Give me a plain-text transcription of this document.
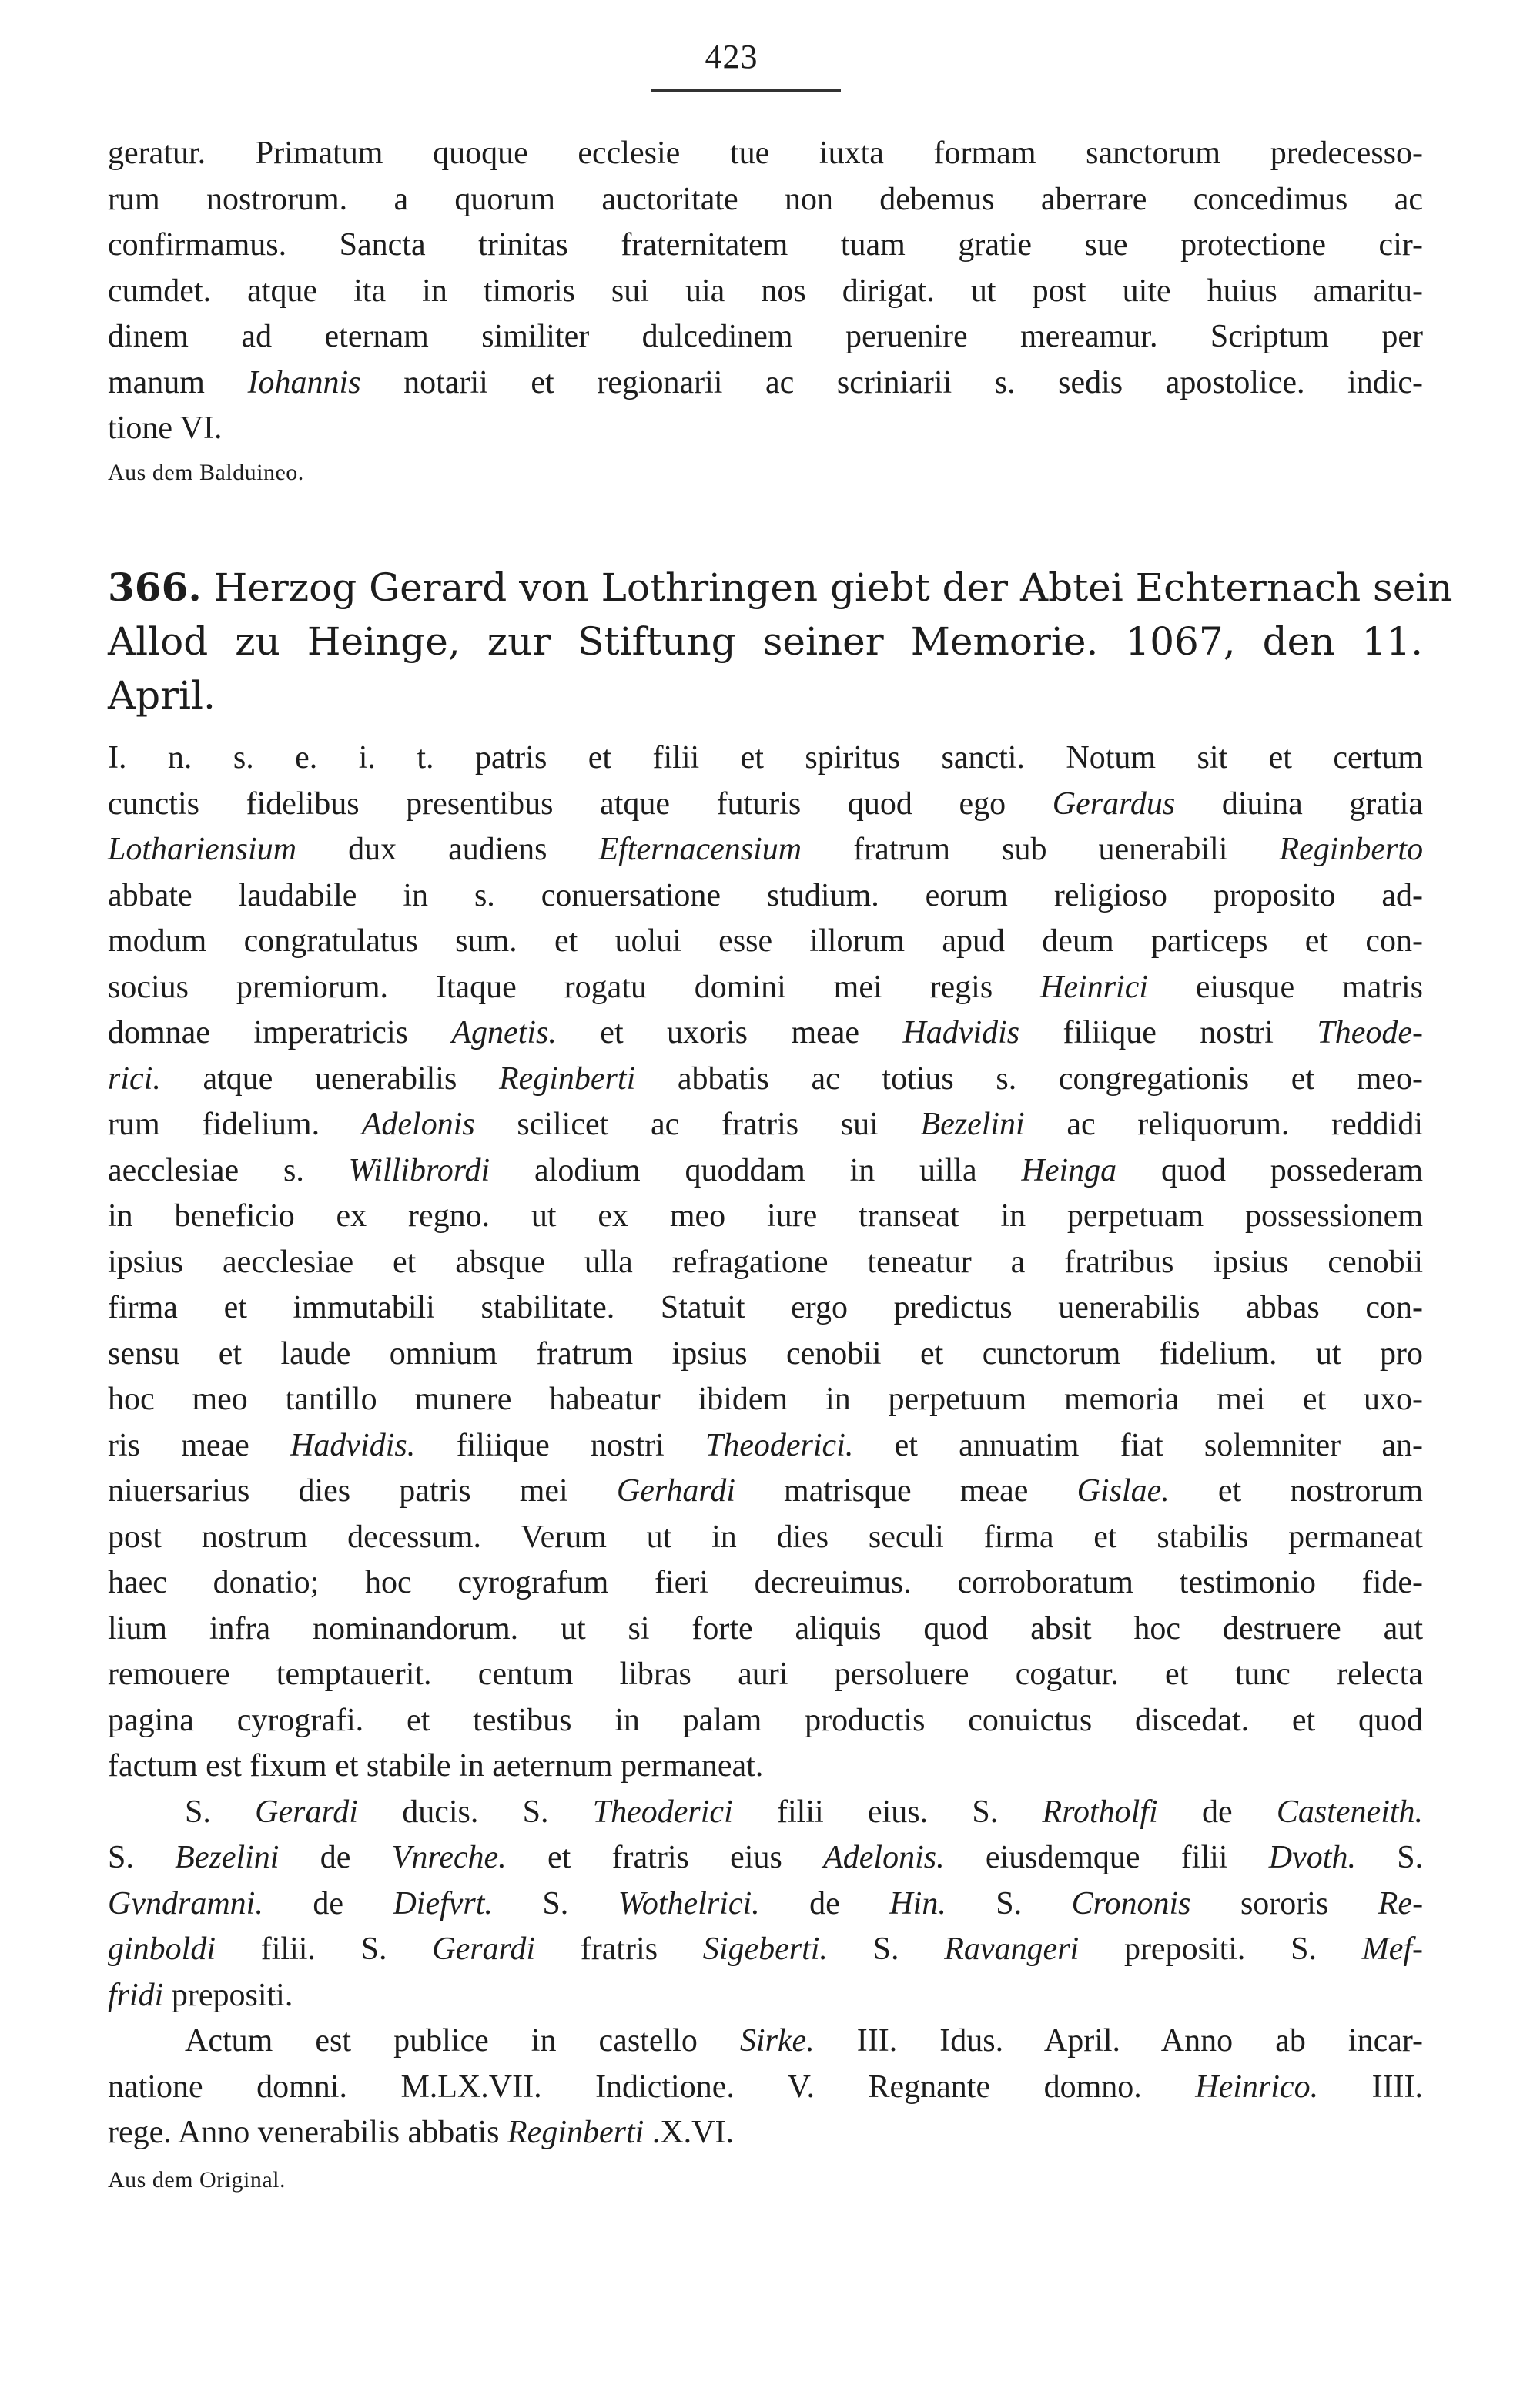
423

geratur. Primatum quoque ecclesie tue iuxta formam sanctorum predecesso-
rum nostrorum. a quorum auctoritate non debemus aberrare concedimus ac
confirmamus. Sancta trinitas fraternitatem tuam gratie sue protectione cir-
cumdet. atque ita in timoris sui uia nos dirigat. ut post uite huius amaritu-
dinem ad eternam similiter dulcedinem peruenire mereamur. Scriptum per
manum Iohannis notarii et regionarii ac scriniarii s. sedis apostolice. indic-
tione VI.

Aus dem Balduineo.

366. Herzog Gerard von Lothringen giebt der Abtei Echternach sein
Allod zu Heinge, zur Stiftung seiner Memorie. 1067, den 11.
April.

I. n. s. e. i. t. patris et filii et spiritus sancti. Notum sit et certum
cunctis fidelibus presentibus atque futuris quod ego Gerardus diuina gratia
Lothariensium dux audiens Efternacensium fratrum sub uenerabili Reginberto
abbate laudabile in s. conuersatione studium. eorum religioso proposito ad-
modum congratulatus sum. et uolui esse illorum apud deum particeps et con-
socius premiorum. Itaque rogatu domini mei regis Heinrici eiusque matris
domnae imperatricis Agnetis. et uxoris meae Hadvidis filiique nostri Theode-
rici. atque uenerabilis Reginberti abbatis ac totius s. congregationis et meo-
rum fidelium. Adelonis scilicet ac fratris sui Bezelini ac reliquorum. reddidi
aecclesiae s. Willibrordi alodium quoddam in uilla Heinga quod possederam
in beneficio ex regno. ut ex meo iure transeat in perpetuam possessionem
ipsius aecclesiae et absque ulla refragatione teneatur a fratribus ipsius cenobii
firma et immutabili stabilitate. Statuit ergo predictus uenerabilis abbas con-
sensu et laude omnium fratrum ipsius cenobii et cunctorum fidelium. ut pro
hoc meo tantillo munere habeatur ibidem in perpetuum memoria mei et uxo-
ris meae Hadvidis. filiique nostri Theoderici. et annuatim fiat solemniter an-
niuersarius dies patris mei Gerhardi matrisque meae Gislae. et nostrorum
post nostrum decessum. Verum ut in dies seculi firma et stabilis permaneat
haec donatio; hoc cyrografum fieri decreuimus. corroboratum testimonio fide-
lium infra nominandorum. ut si forte aliquis quod absit hoc destruere aut
remouere temptauerit. centum libras auri persoluere cogatur. et tunc relecta
pagina cyrografi. et testibus in palam productis conuictus discedat. et quod
factum est fixum et stabile in aeternum permaneat.

S. Gerardi ducis. S. Theoderici filii eius. S. Rrotholfi de Casteneith.
S. Bezelini de Vnreche. et fratris eius Adelonis. eiusdemque filii Dvoth. S.
Gvndramni. de Diefvrt. S. Wothelrici. de Hin. S. Crononis sororis Re-
ginboldi filii. S. Gerardi fratris Sigeberti. S. Ravangeri prepositi. S. Mef-
fridi prepositi.

Actum est publice in castello Sirke. III. Idus. April. Anno ab incar-
natione domni. M.LX.VII. Indictione. V. Regnante domno. Heinrico. IIII.
rege. Anno venerabilis abbatis Reginberti .X.VI.

Aus dem Original.
